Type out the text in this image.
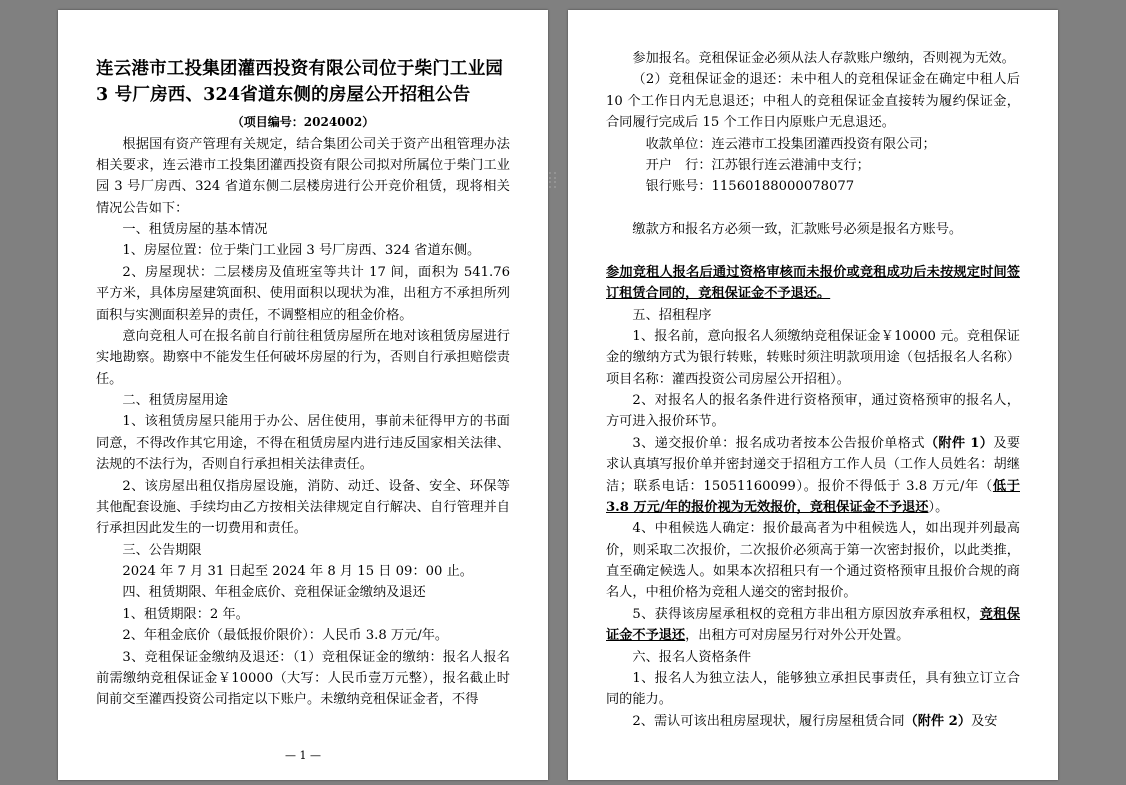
连云港市工投集团灌西投资有限公司位于柴门工业园
3 号厂房西、324省道东侧的房屋公开招租公告
（项目编号：2024002）

根据国有资产管理有关规定，结合集团公司关于资产出租管理办法相关要求，连云港市工投集团灌西投资有限公司拟对所属位于柴门工业园 3 号厂房西、324 省道东侧二层楼房进行公开竞价租赁，现将相关情况公告如下：

一、租赁房屋的基本情况

1、房屋位置：位于柴门工业园 3 号厂房西、324 省道东侧。

2、房屋现状：二层楼房及值班室等共计 17 间，面积为 541.76 平方米，具体房屋建筑面积、使用面积以现状为准，出租方不承担所列面积与实测面积差异的责任，不调整相应的租金价格。

意向竞租人可在报名前自行前往租赁房屋所在地对该租赁房屋进行实地勘察。勘察中不能发生任何破坏房屋的行为，否则自行承担赔偿责任。

二、租赁房屋用途

1、该租赁房屋只能用于办公、居住使用，事前未征得甲方的书面同意，不得改作其它用途，不得在租赁房屋内进行违反国家相关法律、法规的不法行为，否则自行承担相关法律责任。

2、该房屋出租仅指房屋设施，消防、动迁、设备、安全、环保等其他配套设施、手续均由乙方按相关法律规定自行解决、自行管理并自行承担因此发生的一切费用和责任。

三、公告期限

2024 年 7 月 31 日起至 2024 年 8 月 15 日 09：00 止。

四、租赁期限、年租金底价、竞租保证金缴纳及退还

1、租赁期限：2 年。

2、年租金底价（最低报价限价）：人民币 3.8 万元/年。

3、竞租保证金缴纳及退还：（1）竞租保证金的缴纳：报名人报名前需缴纳竞租保证金￥10000（大写：人民币壹万元整），报名截止时间前交至灌西投资公司指定以下账户。未缴纳竞租保证金者，不得

— 1 —

参加报名。竞租保证金必须从法人存款账户缴纳，否则视为无效。

（2）竞租保证金的退还：未中租人的竞租保证金在确定中租人后 10 个工作日内无息退还；中租人的竞租保证金直接转为履约保证金，合同履行完成后 15 个工作日内原账户无息退还。

收款单位：连云港市工投集团灌西投资有限公司；

开户　行：江苏银行连云港浦中支行；

银行账号：11560188000078077

缴款方和报名方必须一致，汇款账号必须是报名方账号。

参加竞租人报名后通过资格审核而未报价或竞租成功后未按规定时间签订租赁合同的，竞租保证金不予退还。

五、招租程序

1、报名前，意向报名人须缴纳竞租保证金￥10000 元。竞租保证金的缴纳方式为银行转账，转账时须注明款项用途（包括报名人名称）项目名称：灌西投资公司房屋公开招租）。

2、对报名人的报名条件进行资格预审，通过资格预审的报名人，方可进入报价环节。

3、递交报价单：报名成功者按本公告报价单格式（附件 1）及要求认真填写报价单并密封递交于招租方工作人员（工作人员姓名：胡继洁；联系电话：15051160099）。报价不得低于 3.8 万元/年（低于 3.8 万元/年的报价视为无效报价，竞租保证金不予退还）。

4、中租候选人确定：报价最高者为中租候选人，如出现并列最高价，则采取二次报价，二次报价必须高于第一次密封报价，以此类推，直至确定候选人。如果本次招租只有一个通过资格预审且报价合规的商名人，中租价格为竞租人递交的密封报价。

5、获得该房屋承租权的竞租方非出租方原因放弃承租权，竞租保证金不予退还，出租方可对房屋另行对外公开处置。

六、报名人资格条件

1、报名人为独立法人，能够独立承担民事责任，具有独立订立合同的能力。

2、需认可该出租房屋现状，履行房屋租赁合同（附件 2）及安
